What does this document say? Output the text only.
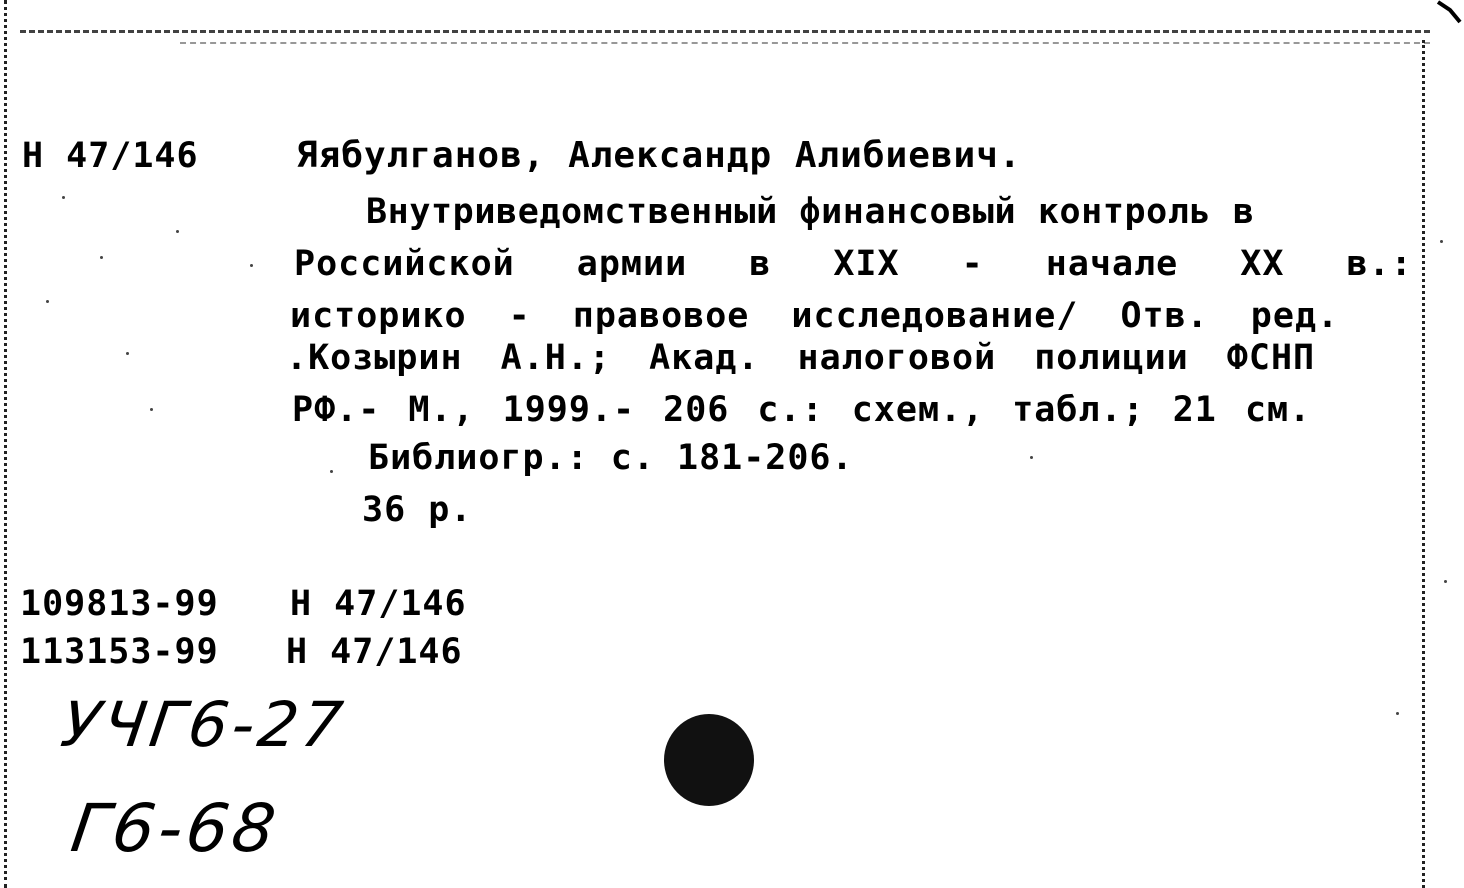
Н 47/146	Яябулганов, Александр Алибиевич.
Внутриведомственный финансовый контроль в
Российской армии в XIX - начале XX в.:
историко - правовое исследование/ Отв. ред.
.Козырин А.Н.; Акад. налоговой полиции ФСНП
РФ.- М., 1999.- 206 с.: схем., табл.; 21 см.
Библиогр.: с. 181-206.
36 р.
109813-99 Н 47/146
113153-99 Н 47/146
УЧГ6-27
Г6-68
